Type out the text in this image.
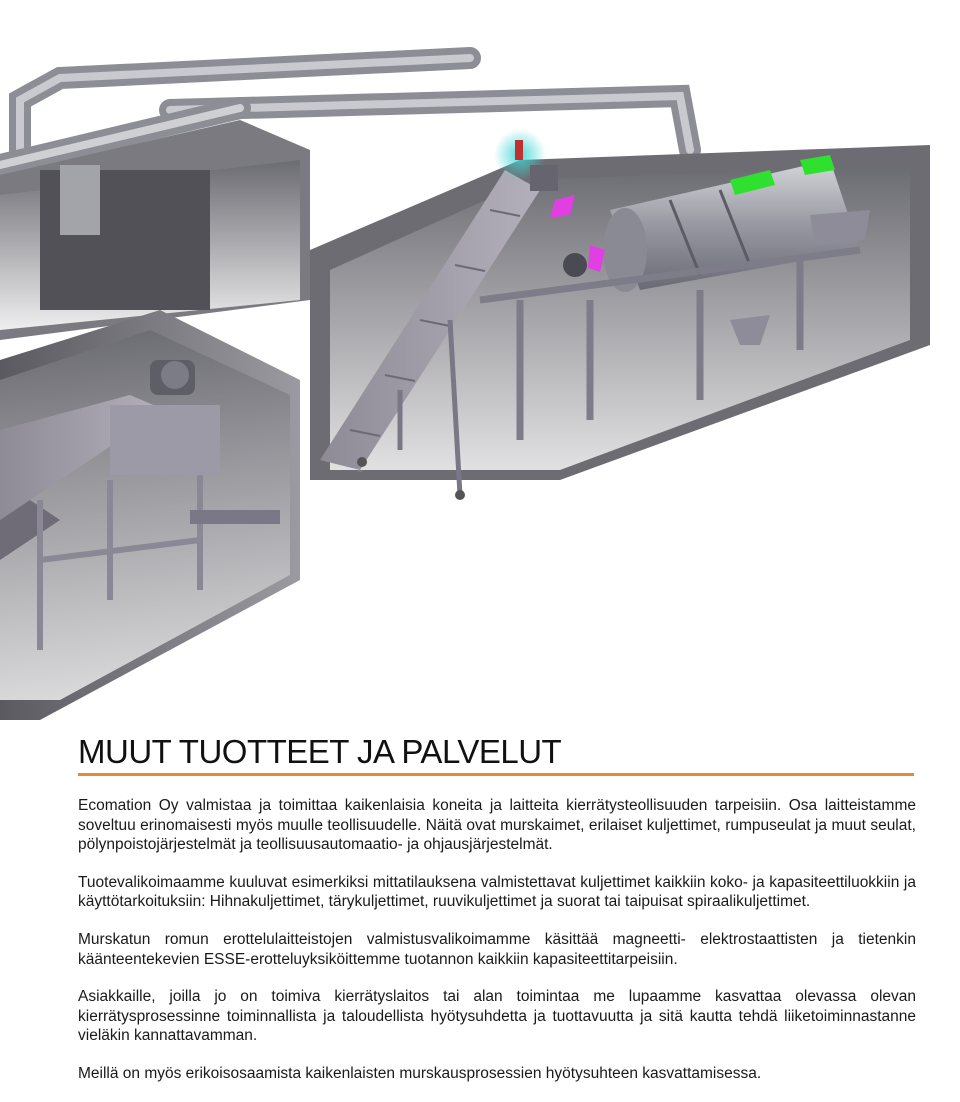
MUUT TUOTTEET JA PALVELUT

Ecomation Oy valmistaa ja toimittaa kaikenlaisia koneita ja laitteita kierrätysteollisuuden tarpeisiin. Osa laitteistamme soveltuu erinomaisesti myös muulle teollisuudelle. Näitä ovat murskaimet, erilaiset kuljettimet, rumpuseulat ja muut seulat, pölynpoistojärjestelmät ja teollisuusautomaatio- ja ohjausjärjestelmät.

Tuotevalikoimaamme kuuluvat esimerkiksi mittatilauksena valmistettavat kuljettimet kaikkiin koko- ja kapasiteettiluokkiin ja käyttötarkoituksiin: Hihnakuljettimet, tärykuljettimet, ruuvikuljettimet ja suorat tai taipuisat spiraalikuljettimet.

Murskatun romun erottelulaitteistojen valmistusvalikoimamme käsittää magneetti- elektrostaattisten ja tietenkin käänteentekevien ESSE-erotteluyksiköittemme tuotannon kaikkiin kapasiteettitarpeisiin.

Asiakkaille, joilla jo on toimiva kierrätyslaitos tai alan toimintaa me lupaamme kasvattaa olevassa olevan kierrätysprosessinne toiminnallista ja taloudellista hyötysuhdetta ja tuottavuutta ja sitä kautta tehdä liiketoiminnastanne vieläkin kannattavamman.

Meillä on myös erikoisosaamista kaikenlaisten murskausprosessien hyötysuhteen kasvattamisessa.
